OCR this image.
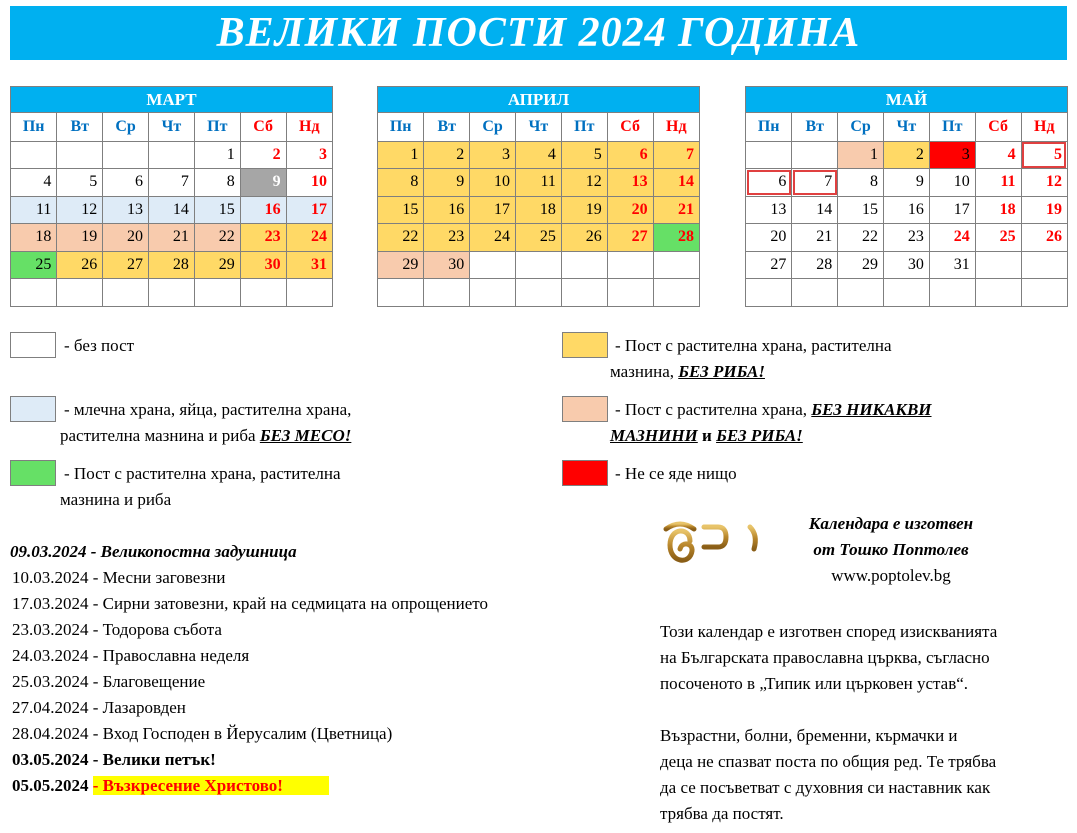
ВЕЛИКИ ПОСТИ 2024 ГОДИНА
МАРТ
Пн	Вт	Ср	Чт	Пт	Сб	Нд
				1	2	3
4	5	6	7	8	9	10
11	12	13	14	15	16	17
18	19	20	21	22	23	24
25	26	27	28	29	30	31

АПРИЛ
Пн	Вт	Ср	Чт	Пт	Сб	Нд
1	2	3	4	5	6	7
8	9	10	11	12	13	14
15	16	17	18	19	20	21
22	23	24	25	26	27	28
29	30					

МАЙ
Пн	Вт	Ср	Чт	Пт	Сб	Нд
		1	2	3	4	5
6	7	8	9	10	11	12
13	14	15	16	17	18	19
20	21	22	23	24	25	26
27	28	29	30	31		

- без пост	- Пост с растителна храна, растителна
мазнина, БЕЗ РИБА!
- млечна храна, яйца, растителна храна,
растителна мазнина и риба БЕЗ МЕСО!
- Пост с растителна храна, БЕЗ НИКАКВИ
МАЗНИНИ и БЕЗ РИБА!
- Пост с растителна храна, растителна
мазнина и риба
- Не се яде нищо
09.03.2024 - Великопостна задушница
10.03.2024 - Месни заговезни
17.03.2024 - Сирни затовезни, край на седмицата на опрощението
23.03.2024 - Тодорова събота
24.03.2024 - Православна неделя
25.03.2024 - Благовещение
27.04.2024 - Лазаровден
28.04.2024 - Вход Господен в Йерусалим (Цветница)
03.05.2024 - Велики петък!
05.05.2024 - Възкресение Христово!
Календара е изготвен
от Тошко Поптолев
www.poptolev.bg
Този календар е изготвен според изискванията
на Българската православна църква, съгласно
посоченото в „Типик или църковен устав“.
Възрастни, болни, бременни, кърмачки и
деца не спазват поста по общия ред. Те трябва
да се посъветват с духовния си наставник как
трябва да постят.
